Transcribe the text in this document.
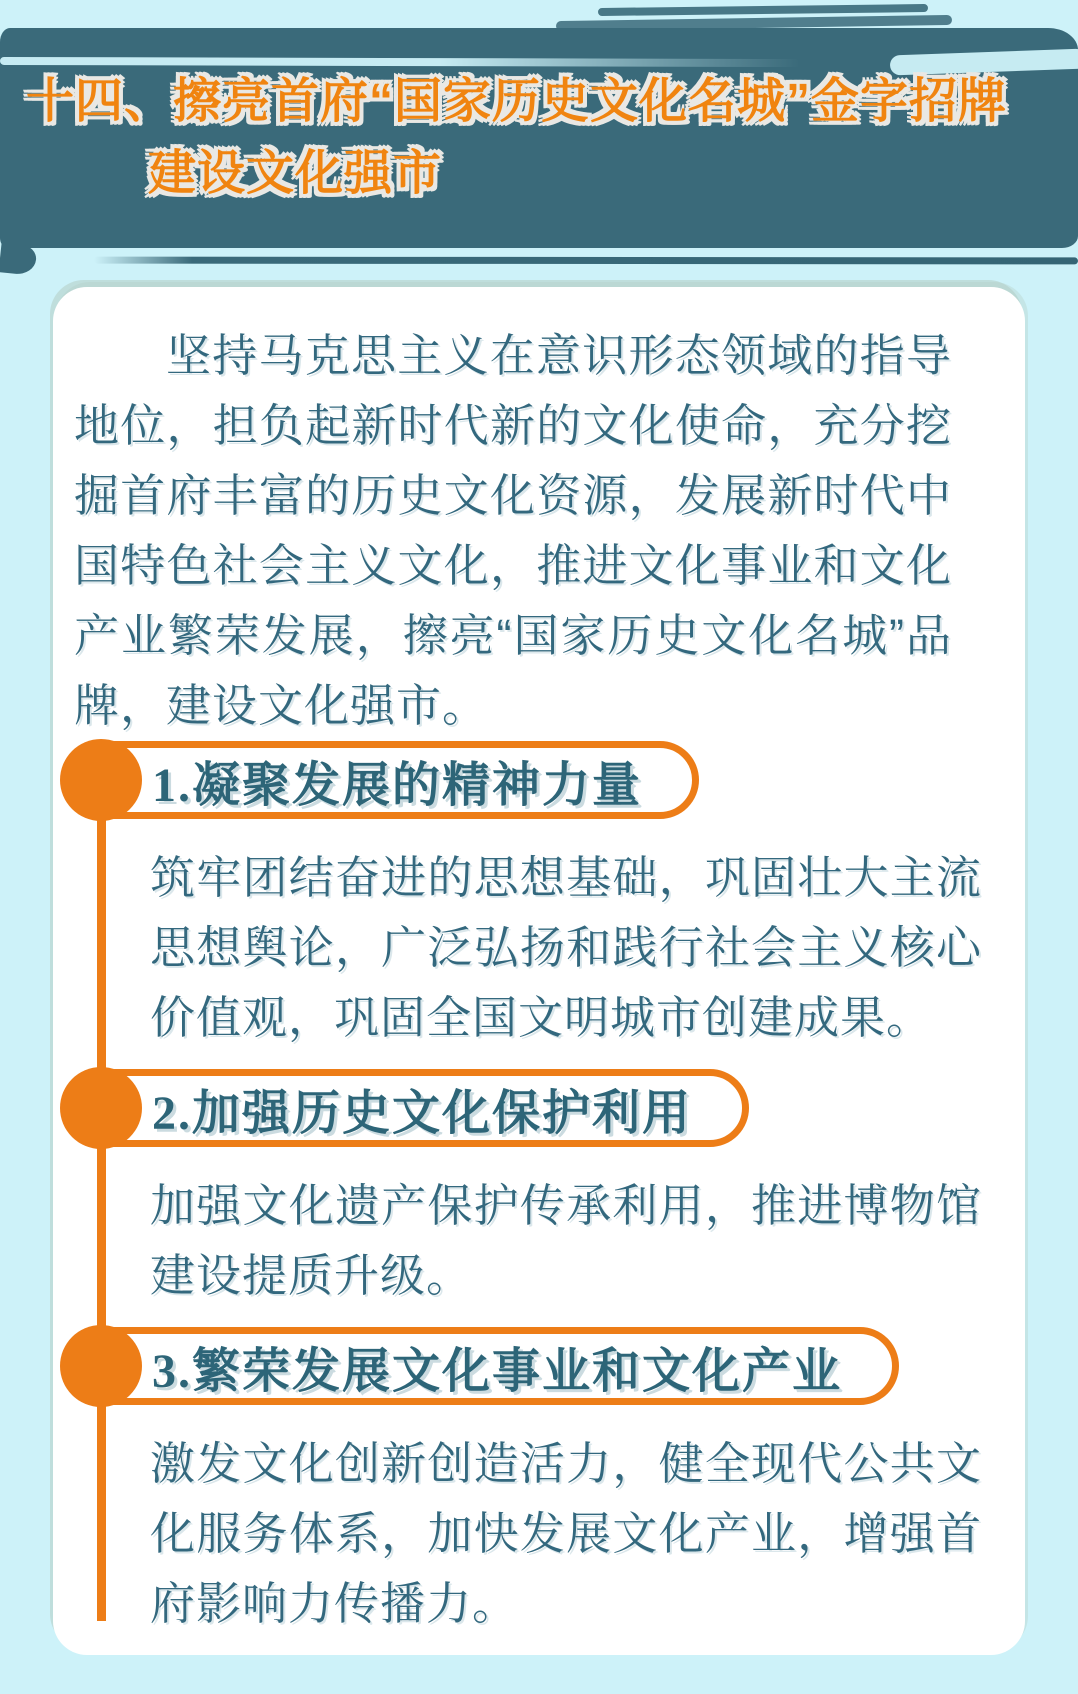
十四、擦亮首府“国家历史文化名城”金字招牌
建设文化强市

坚持马克思主义在意识形态领域的指导地位，担负起新时代新的文化使命，充分挖掘首府丰富的历史文化资源，发展新时代中国特色社会主义文化，推进文化事业和文化产业繁荣发展，擦亮“国家历史文化名城”品牌，建设文化强市。

1.凝聚发展的精神力量

筑牢团结奋进的思想基础，巩固壮大主流思想舆论，广泛弘扬和践行社会主义核心价值观，巩固全国文明城市创建成果。

2.加强历史文化保护利用

加强文化遗产保护传承利用，推进博物馆建设提质升级。

3.繁荣发展文化事业和文化产业

激发文化创新创造活力，健全现代公共文化服务体系，加快发展文化产业，增强首府影响力传播力。
